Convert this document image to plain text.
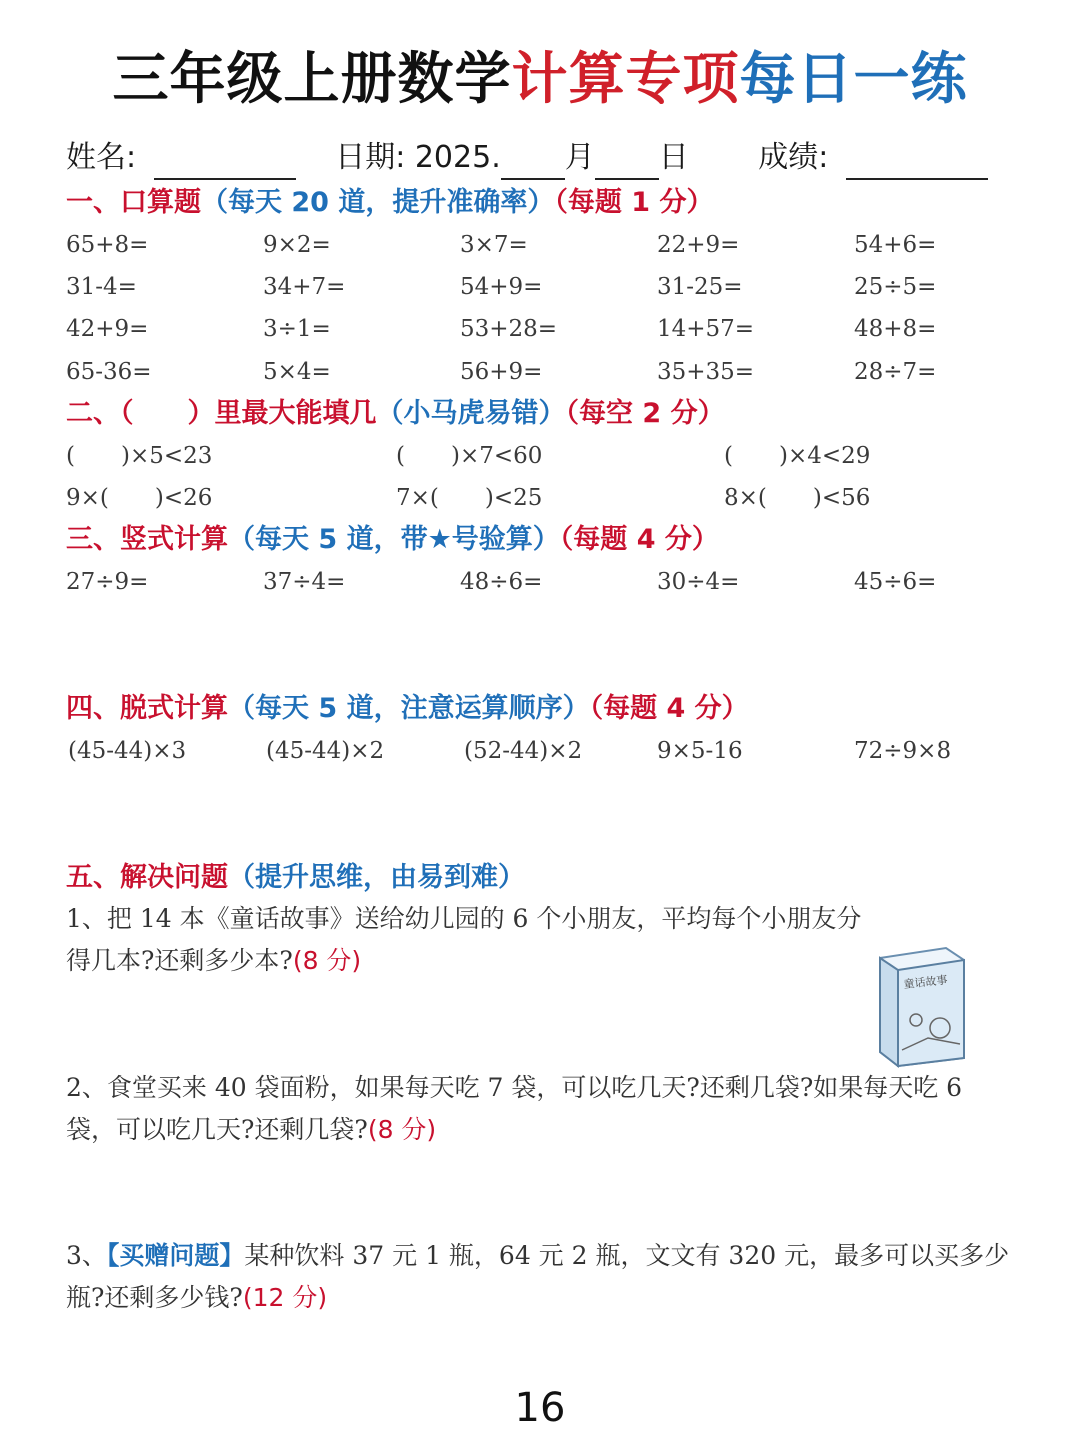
三年级上册数学计算专项每日一练
姓名:	日期: 2025. 月 日 成绩:
一、口算题（每天 20 道，提升准确率）（每题 1 分）
65+8=	9×2=	3×7=	22+9=	54+6=
31-4=	34+7=	54+9=	31-25=	25÷5=
42+9=	3÷1=	53+28=	14+57=	48+8=
65-36=	5×4=	56+9=	35+35=	28÷7=
二、（　　）里最大能填几（小马虎易错）（每空 2 分）
(　　)×5<23	(　　)×7<60	(　　)×4<29
9×(　　)<26	7×(　　)<25	8×(　　)<56
三、竖式计算（每天 5 道，带★号验算）（每题 4 分）
27÷9=	37÷4=	48÷6=	30÷4=	45÷6=
四、脱式计算（每天 5 道，注意运算顺序）（每题 4 分）
(45-44)×3	(45-44)×2	(52-44)×2	9×5-16	72÷9×8
五、解决问题（提升思维，由易到难）
1、把 14 本《童话故事》送给幼儿园的 6 个小朋友，平均每个小朋友分得几本?还剩多少本?(8 分)
童话故事
2、食堂买来 40 袋面粉，如果每天吃 7 袋，可以吃几天?还剩几袋?如果每天吃 6 袋，可以吃几天?还剩几袋?(8 分)
3、【买赠问题】某种饮料 37 元 1 瓶，64 元 2 瓶，文文有 320 元，最多可以买多少瓶?还剩多少钱?(12 分)
16
